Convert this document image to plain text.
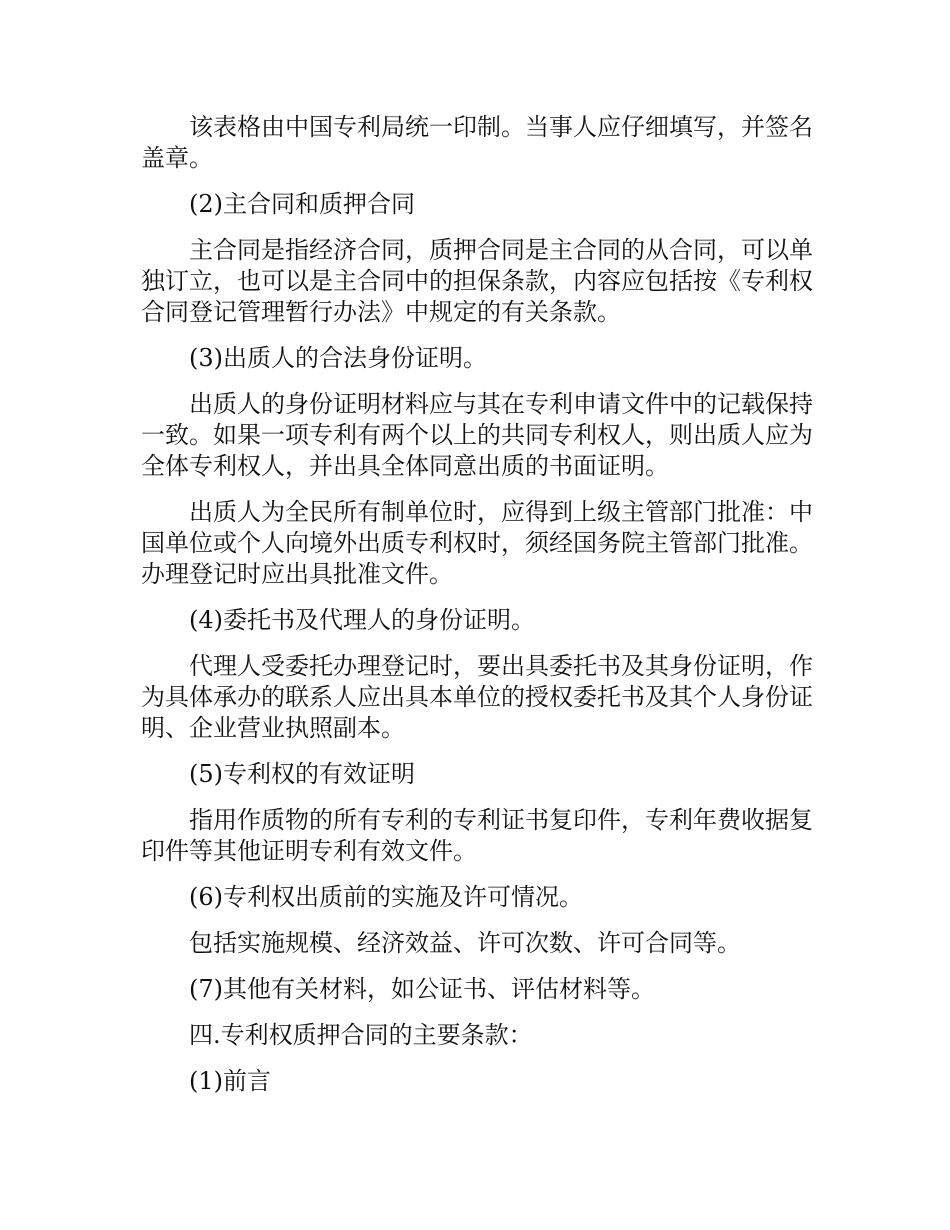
该表格由中国专利局统一印制。当事人应仔细填写，并签名盖章。

(2)主合同和质押合同

主合同是指经济合同，质押合同是主合同的从合同，可以单独订立，也可以是主合同中的担保条款，内容应包括按《专利权合同登记管理暂行办法》中规定的有关条款。

(3)出质人的合法身份证明。

出质人的身份证明材料应与其在专利申请文件中的记载保持一致。如果一项专利有两个以上的共同专利权人，则出质人应为全体专利权人，并出具全体同意出质的书面证明。

出质人为全民所有制单位时，应得到上级主管部门批准：中国单位或个人向境外出质专利权时，须经国务院主管部门批准。办理登记时应出具批准文件。

(4)委托书及代理人的身份证明。

代理人受委托办理登记时，要出具委托书及其身份证明，作为具体承办的联系人应出具本单位的授权委托书及其个人身份证明、企业营业执照副本。

(5)专利权的有效证明

指用作质物的所有专利的专利证书复印件，专利年费收据复印件等其他证明专利有效文件。

(6)专利权出质前的实施及许可情况。

包括实施规模、经济效益、许可次数、许可合同等。

(7)其他有关材料，如公证书、评估材料等。

四.专利权质押合同的主要条款：

(1)前言
